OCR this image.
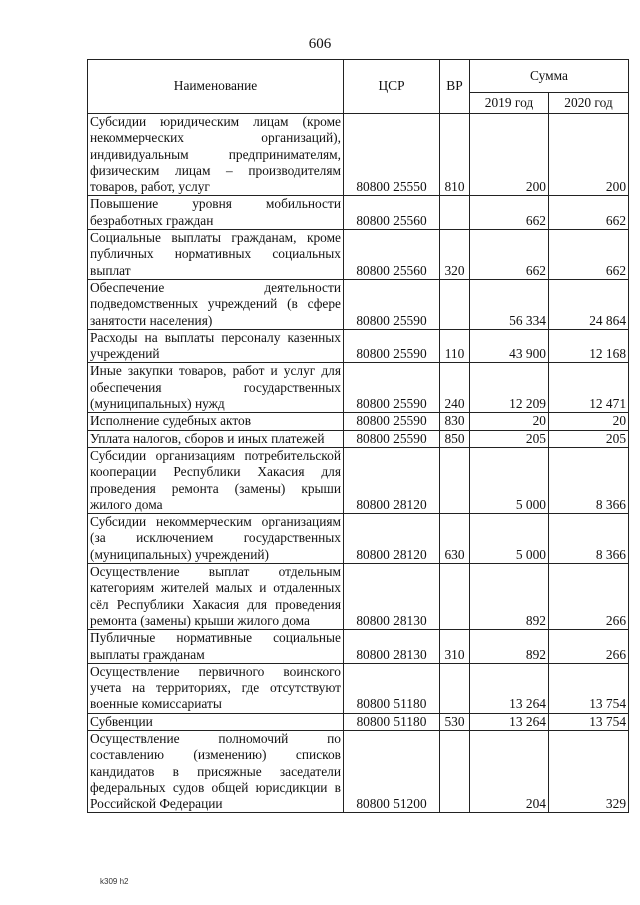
606
Наименование	ЦСР	ВР	Сумма	
			2019 год	2020 год
Субсидии юридическим лицам (кроме некоммерческих организаций), индивидуальным предпринимателям, физическим лицам – производителям товаров, работ, услуг	80800 25550	810	200	200
Повышение уровня мобильности безработных граждан	80800 25560		662	662
Социальные выплаты гражданам, кроме публичных нормативных социальных выплат	80800 25560	320	662	662
Обеспечение деятельности подведомственных учреждений (в сфере занятости населения)	80800 25590		56 334	24 864
Расходы на выплаты персоналу казенных учреждений	80800 25590	110	43 900	12 168
Иные закупки товаров, работ и услуг для обеспечения государственных (муниципальных) нужд	80800 25590	240	12 209	12 471
Исполнение судебных актов	80800 25590	830	20	20
Уплата налогов, сборов и иных платежей	80800 25590	850	205	205
Субсидии организациям потребительской кооперации Республики Хакасия для проведения ремонта (замены) крыши жилого дома	80800 28120		5 000	8 366
Субсидии некоммерческим организациям (за исключением государственных (муниципальных) учреждений)	80800 28120	630	5 000	8 366
Осуществление выплат отдельным категориям жителей малых и отдаленных сёл Республики Хакасия для проведения ремонта (замены) крыши жилого дома	80800 28130		892	266
Публичные нормативные социальные выплаты гражданам	80800 28130	310	892	266
Осуществление первичного воинского учета на территориях, где отсутствуют военные комиссариаты	80800 51180		13 264	13 754
Субвенции	80800 51180	530	13 264	13 754
Осуществление полномочий по составлению (изменению) списков кандидатов в присяжные заседатели федеральных судов общей юрисдикции в Российской Федерации	80800 51200		204	329
k309 h2
